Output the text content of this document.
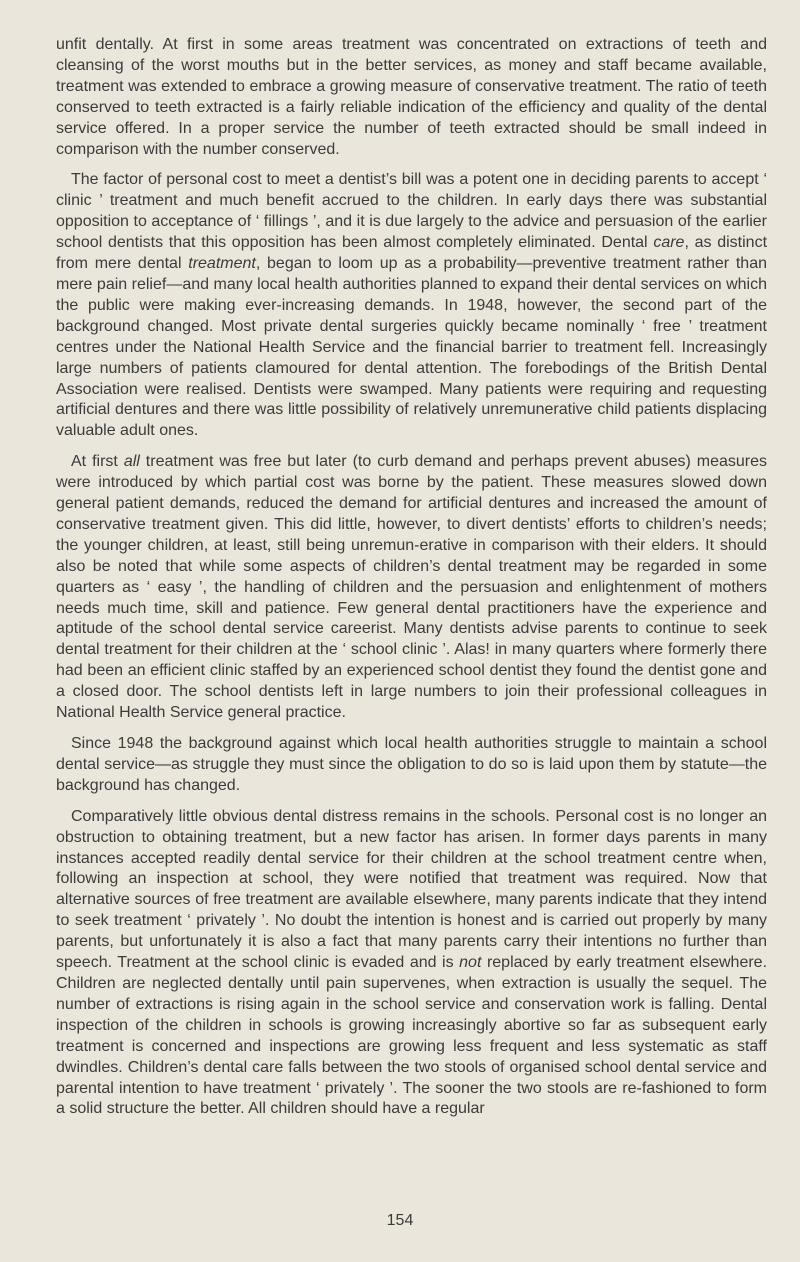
unfit dentally. At first in some areas treatment was concentrated on extractions of teeth and cleansing of the worst mouths but in the better services, as money and staff became available, treatment was extended to embrace a growing measure of conservative treatment. The ratio of teeth conserved to teeth extracted is a fairly reliable indication of the efficiency and quality of the dental service offered. In a proper service the number of teeth extracted should be small indeed in comparison with the number conserved.

The factor of personal cost to meet a dentist’s bill was a potent one in deciding parents to accept ‘ clinic ’ treatment and much benefit accrued to the children. In early days there was substantial opposition to acceptance of ‘ fillings ’, and it is due largely to the advice and persuasion of the earlier school dentists that this opposition has been almost completely eliminated. Dental care, as distinct from mere dental treatment, began to loom up as a probability—preventive treatment rather than mere pain relief—and many local health authorities planned to expand their dental services on which the public were making ever-increasing demands. In 1948, however, the second part of the background changed. Most private dental surgeries quickly became nominally ‘ free ’ treatment centres under the National Health Service and the financial barrier to treatment fell. Increasingly large numbers of patients clamoured for dental attention. The forebodings of the British Dental Association were realised. Dentists were swamped. Many patients were requiring and requesting artificial dentures and there was little possibility of relatively unremunerative child patients displacing valuable adult ones.

At first all treatment was free but later (to curb demand and perhaps prevent abuses) measures were introduced by which partial cost was borne by the patient. These measures slowed down general patient demands, reduced the demand for artificial dentures and increased the amount of conservative treatment given. This did little, however, to divert dentists’ efforts to children’s needs; the younger children, at least, still being unremun-erative in comparison with their elders. It should also be noted that while some aspects of children’s dental treatment may be regarded in some quarters as ‘ easy ’, the handling of children and the persuasion and enlightenment of mothers needs much time, skill and patience. Few general dental practitioners have the experience and aptitude of the school dental service careerist. Many dentists advise parents to continue to seek dental treatment for their children at the ‘ school clinic ’. Alas! in many quarters where formerly there had been an efficient clinic staffed by an experienced school dentist they found the dentist gone and a closed door. The school dentists left in large numbers to join their professional colleagues in National Health Service general practice.

Since 1948 the background against which local health authorities struggle to maintain a school dental service—as struggle they must since the obligation to do so is laid upon them by statute—the background has changed.

Comparatively little obvious dental distress remains in the schools. Personal cost is no longer an obstruction to obtaining treatment, but a new factor has arisen. In former days parents in many instances accepted readily dental service for their children at the school treatment centre when, following an inspection at school, they were notified that treatment was required. Now that alternative sources of free treatment are available elsewhere, many parents indicate that they intend to seek treatment ‘ privately ’. No doubt the intention is honest and is carried out properly by many parents, but unfortunately it is also a fact that many parents carry their intentions no further than speech. Treatment at the school clinic is evaded and is not replaced by early treatment elsewhere. Children are neglected dentally until pain supervenes, when extraction is usually the sequel. The number of extractions is rising again in the school service and conservation work is falling. Dental inspection of the children in schools is growing increasingly abortive so far as subsequent early treatment is concerned and inspections are growing less frequent and less systematic as staff dwindles. Children’s dental care falls between the two stools of organised school dental service and parental intention to have treatment ‘ privately ’. The sooner the two stools are re-fashioned to form a solid structure the better. All children should have a regular

154
